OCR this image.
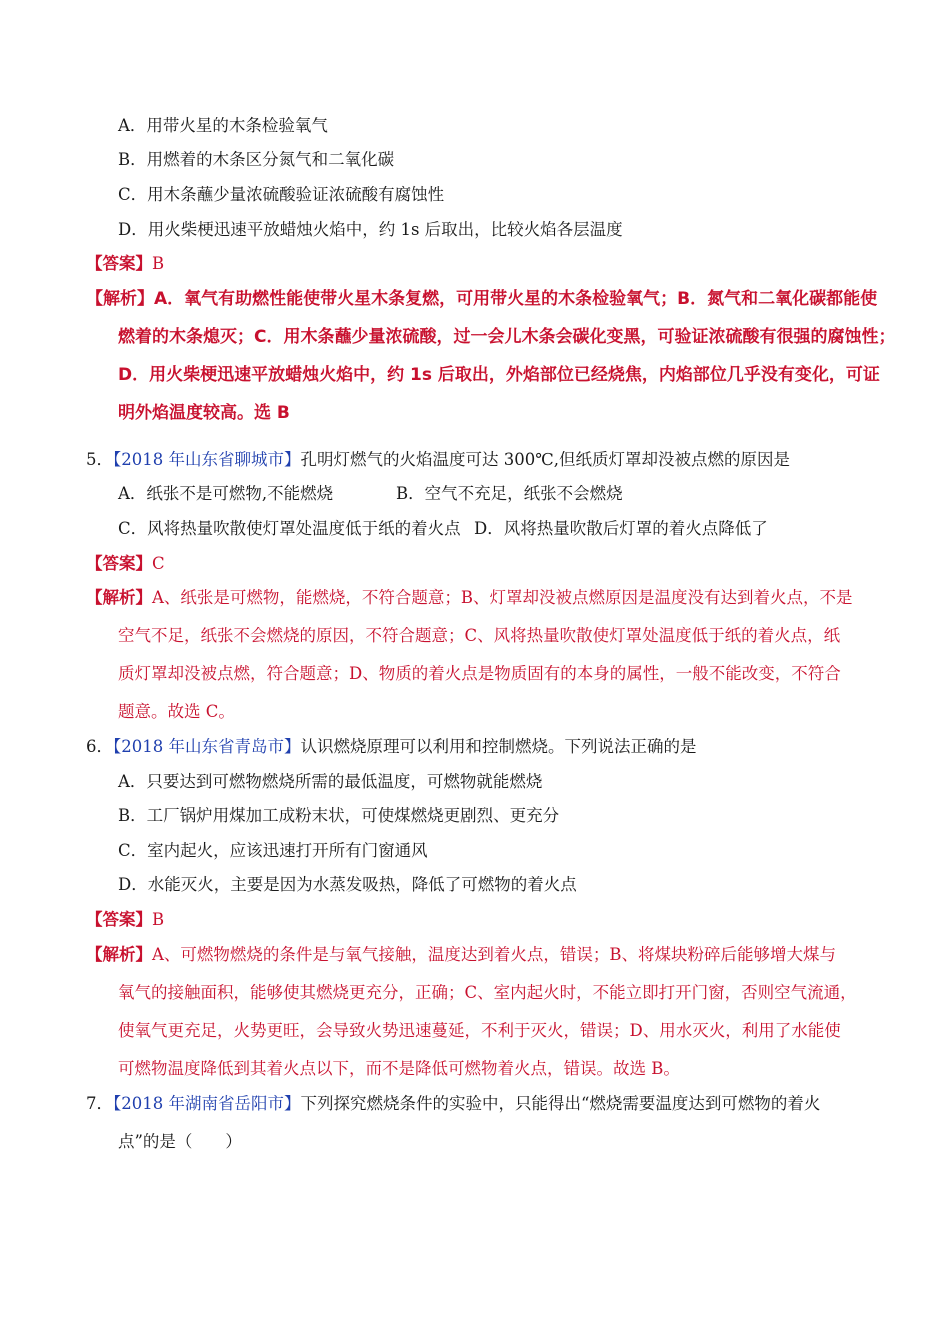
A．用带火星的木条检验氧气
B．用燃着的木条区分氮气和二氧化碳
C．用木条蘸少量浓硫酸验证浓硫酸有腐蚀性
D．用火柴梗迅速平放蜡烛火焰中，约 1s 后取出，比较火焰各层温度
【答案】B
【解析】A．氧气有助燃性能使带火星木条复燃，可用带火星的木条检验氧气；B．氮气和二氧化碳都能使
燃着的木条熄灭；C．用木条蘸少量浓硫酸，过一会儿木条会碳化变黑，可验证浓硫酸有很强的腐蚀性；
D．用火柴梗迅速平放蜡烛火焰中，约 1s 后取出，外焰部位已经烧焦，内焰部位几乎没有变化，可证
明外焰温度较高。选 B
5．【2018 年山东省聊城市】孔明灯燃气的火焰温度可达 300℃,但纸质灯罩却没被点燃的原因是
A．纸张不是可燃物,不能燃烧	B．空气不充足，纸张不会燃烧
C．风将热量吹散使灯罩处温度低于纸的着火点 D．风将热量吹散后灯罩的着火点降低了
【答案】C
【解析】A、纸张是可燃物，能燃烧，不符合题意；B、灯罩却没被点燃原因是温度没有达到着火点，不是
空气不足，纸张不会燃烧的原因，不符合题意；C、风将热量吹散使灯罩处温度低于纸的着火点，纸
质灯罩却没被点燃，符合题意；D、物质的着火点是物质固有的本身的属性，一般不能改变，不符合
题意。故选 C。
6．【2018 年山东省青岛市】认识燃烧原理可以利用和控制燃烧。下列说法正确的是
A．只要达到可燃物燃烧所需的最低温度，可燃物就能燃烧
B．工厂锅炉用煤加工成粉末状，可使煤燃烧更剧烈、更充分
C．室内起火，应该迅速打开所有门窗通风
D．水能灭火，主要是因为水蒸发吸热，降低了可燃物的着火点
【答案】B
【解析】A、可燃物燃烧的条件是与氧气接触，温度达到着火点，错误；B、将煤块粉碎后能够增大煤与
氧气的接触面积，能够使其燃烧更充分，正确；C、室内起火时，不能立即打开门窗，否则空气流通，
使氧气更充足，火势更旺，会导致火势迅速蔓延，不利于灭火，错误；D、用水灭火，利用了水能使
可燃物温度降低到其着火点以下，而不是降低可燃物着火点，错误。故选 B。
7．【2018 年湖南省岳阳市】下列探究燃烧条件的实验中，只能得出“燃烧需要温度达到可燃物的着火
点”的是（　　）
